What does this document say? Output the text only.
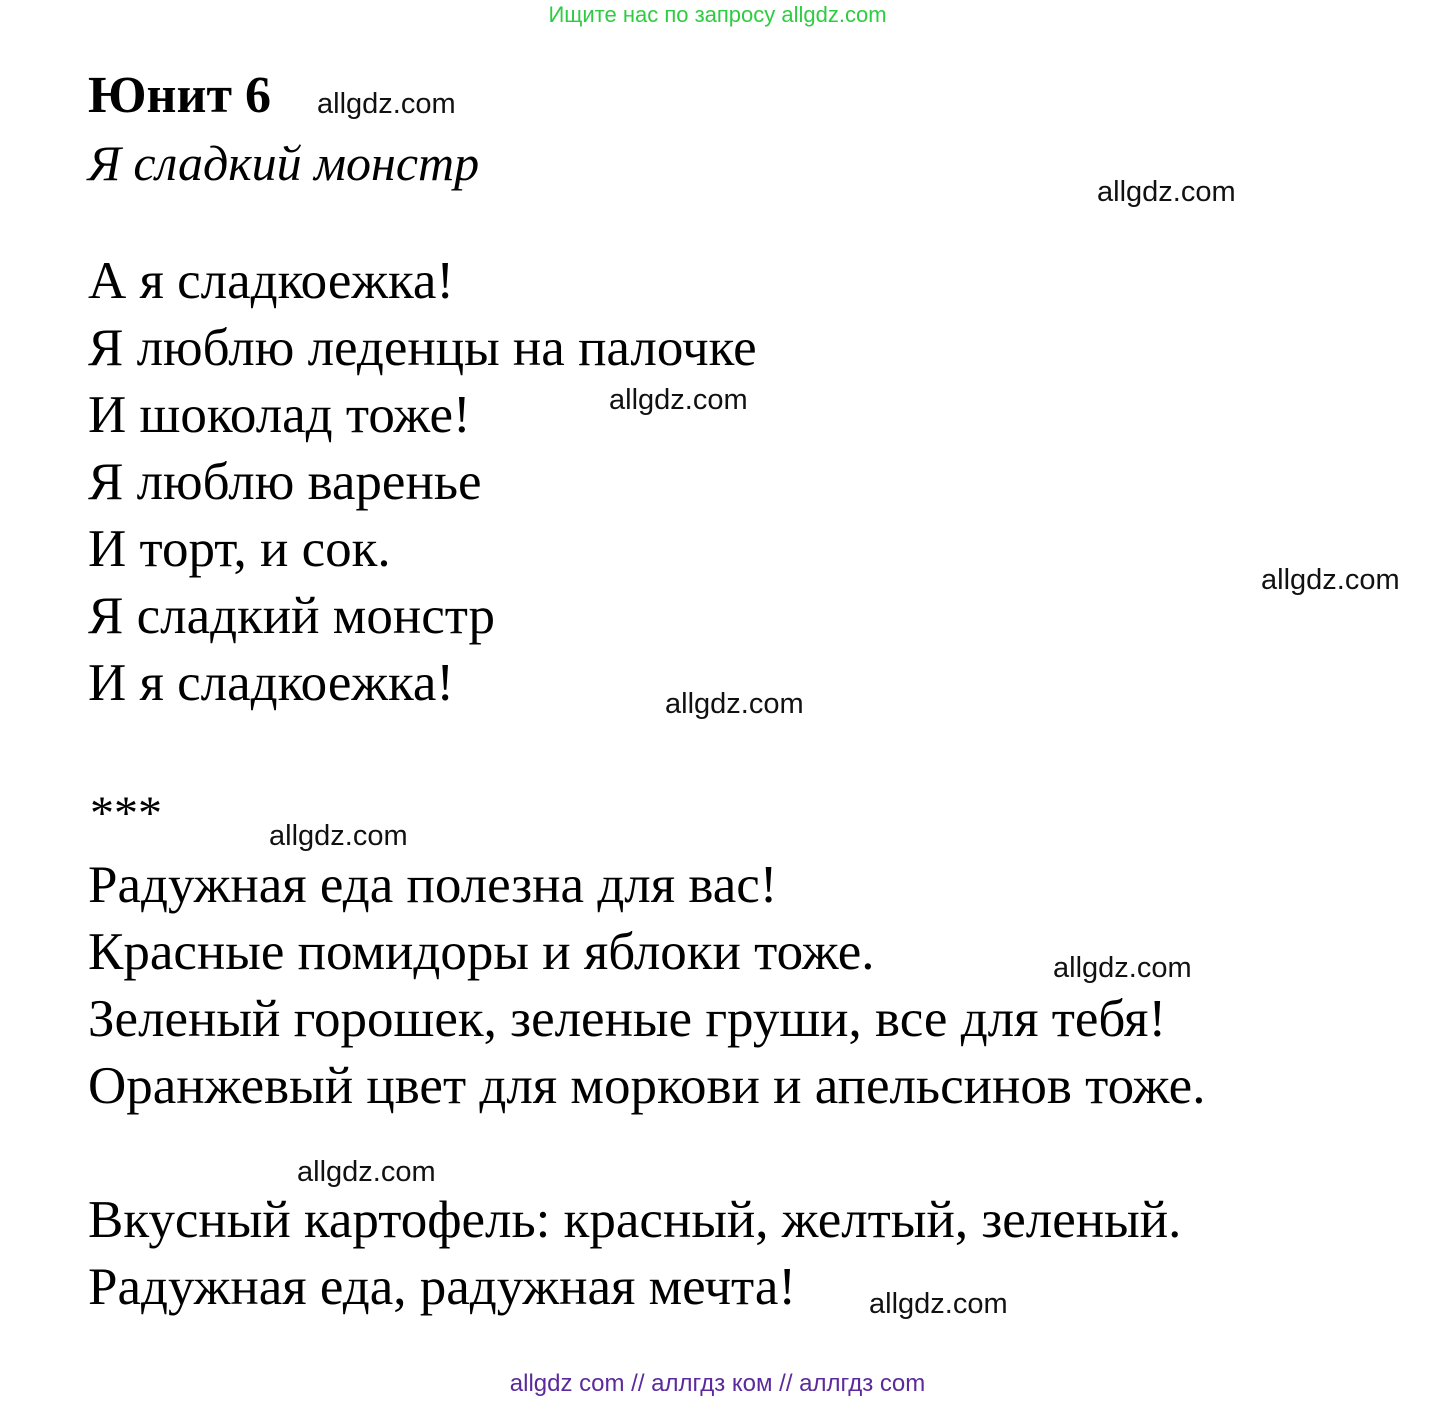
Ищите нас по запросу allgdz.com
Юнит 6
Я сладкий монстр
А я сладкоежка!
Я люблю леденцы на палочке
И шоколад тоже!
Я люблю варенье
И торт, и сок.
Я сладкий монстр
И я сладкоежка!
***
Радужная еда полезна для вас!
Красные помидоры и яблоки тоже.
Зеленый горошек, зеленые груши, все для тебя!
Оранжевый цвет для моркови и апельсинов тоже.
Вкусный картофель: красный, желтый, зеленый.
Радужная еда, радужная мечта!
allgdz.com
allgdz.com
allgdz.com
allgdz.com
allgdz.com
allgdz.com
allgdz.com
allgdz.com
allgdz.com
allgdz com // аллгдз ком // аллгдз com
